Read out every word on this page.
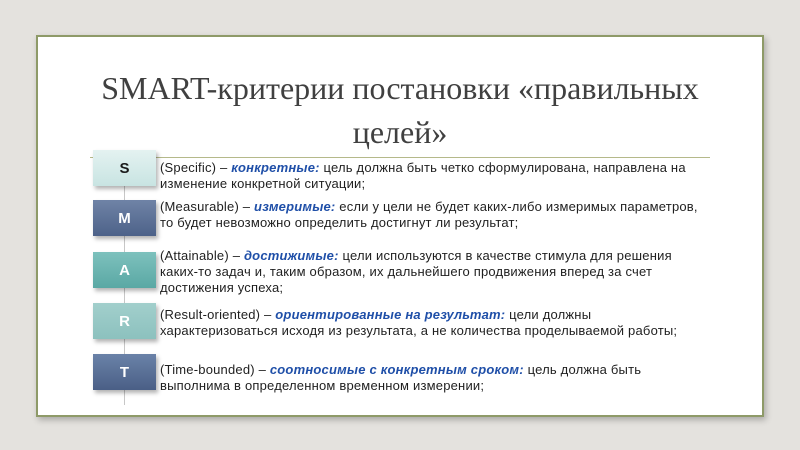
SMART-критерии постановки «правильных целей»
S
M
A
R
T
(Specific) – конкретные: цель должна быть четко сформулирована, направлена на изменение конкретной ситуации;
(Measurable) – измеримые: если у цели не будет каких-либо измеримых параметров, то будет невозможно определить достигнут ли результат;
(Attainable) – достижимые: цели используются в качестве стимула для решения каких-то задач и, таким образом, их дальнейшего продвижения вперед за счет достижения успеха;
(Result-oriented) – ориентированные на результат: цели должны характеризоваться исходя из результата, а не количества проделываемой работы;
(Time-bounded) – соотносимые с конкретным сроком: цель должна быть выполнима в определенном временном измерении;
